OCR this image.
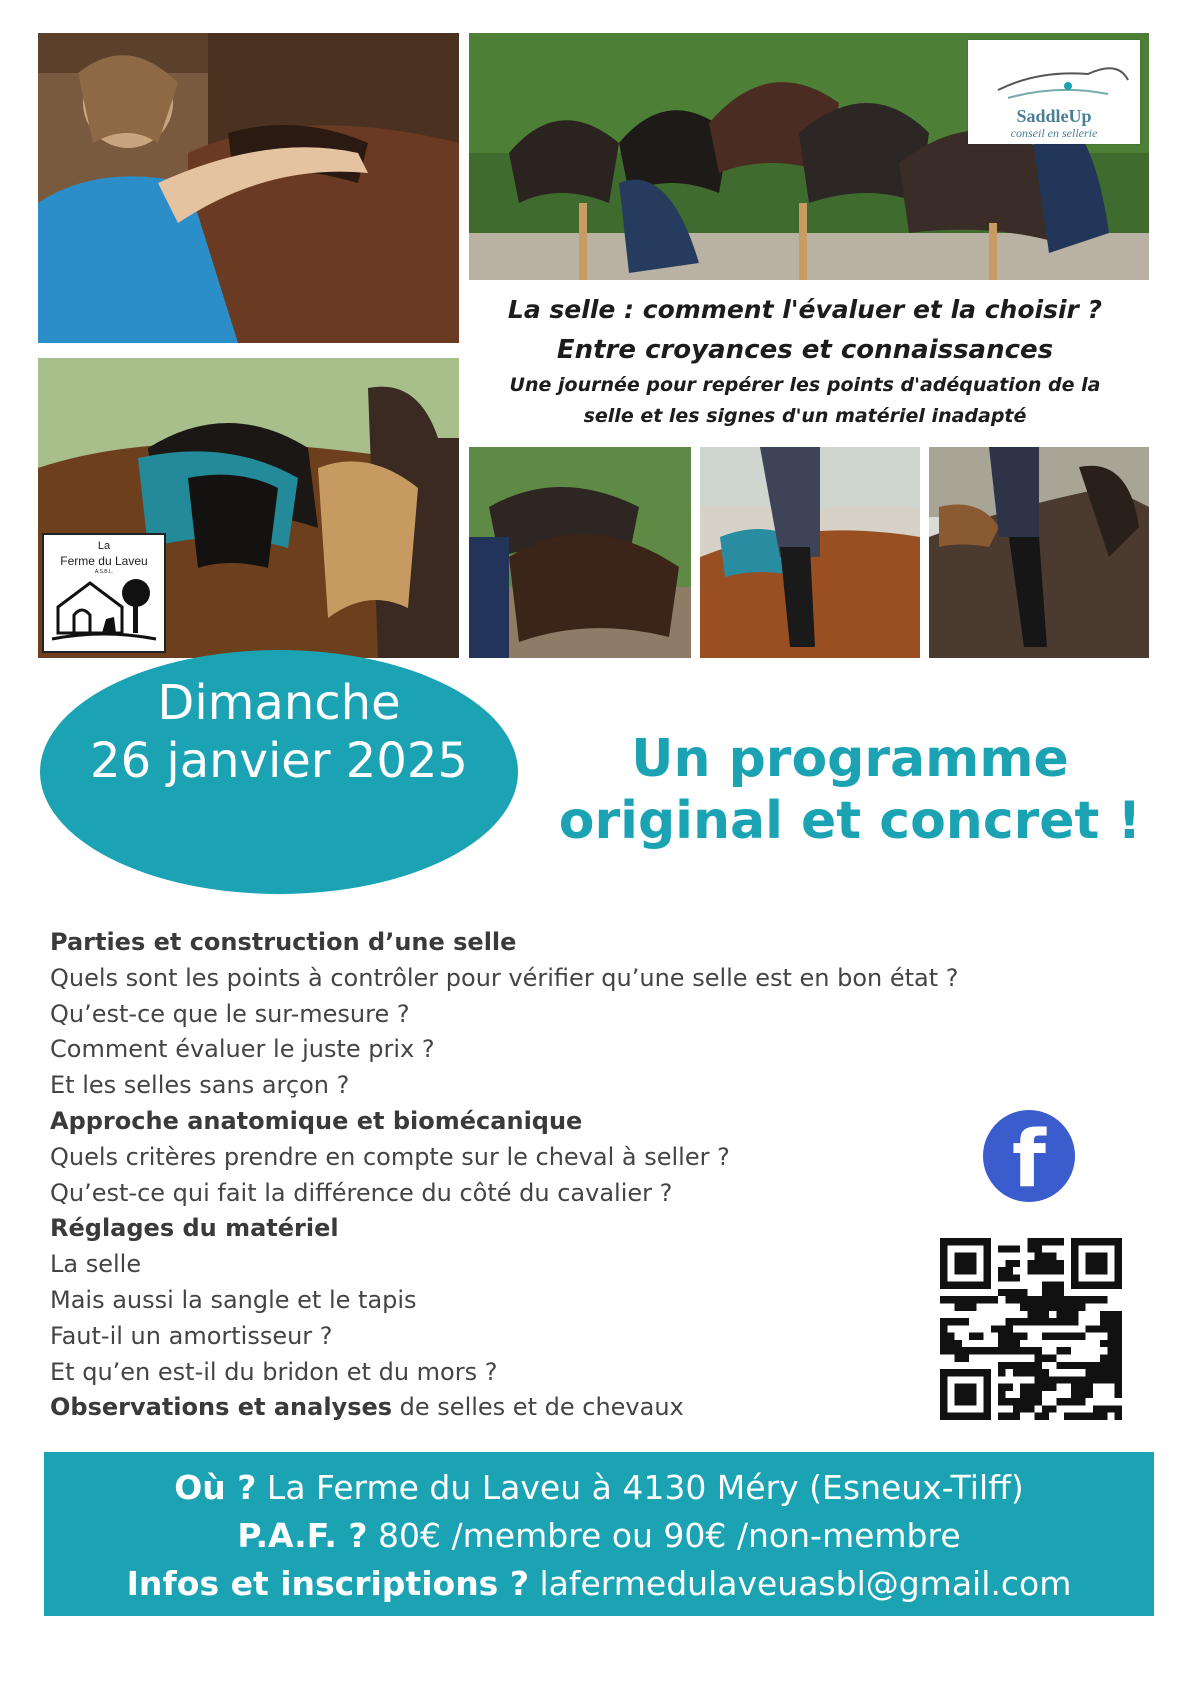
SaddleUp
conseil en sellerie
La
Ferme du Laveu
A.S.B.L.
La selle : comment l'évaluer et la choisir ?
Entre croyances et connaissances
Une journée pour repérer les points d'adéquation de la
selle et les signes d'un matériel inadapté
Dimanche
26 janvier 2025	Un programme
original et concret !
Parties et construction d’une selle
Quels sont les points à contrôler pour vérifier qu’une selle est en bon état ?
Qu’est-ce que le sur-mesure ?
Comment évaluer le juste prix ?
Et les selles sans arçon ?
Approche anatomique et biomécanique
Quels critères prendre en compte sur le cheval à seller ?
Qu’est-ce qui fait la différence du côté du cavalier ?
Réglages du matériel
La selle
Mais aussi la sangle et le tapis
Faut-il un amortisseur ?
Et qu’en est-il du bridon et du mors ?
Observations et analyses de selles et de chevaux
f
Où ? La Ferme du Laveu à 4130 Méry (Esneux-Tilff)
P.A.F. ? 80€ /membre ou 90€ /non-membre
Infos et inscriptions ? lafermedulaveuasbl@gmail.com
